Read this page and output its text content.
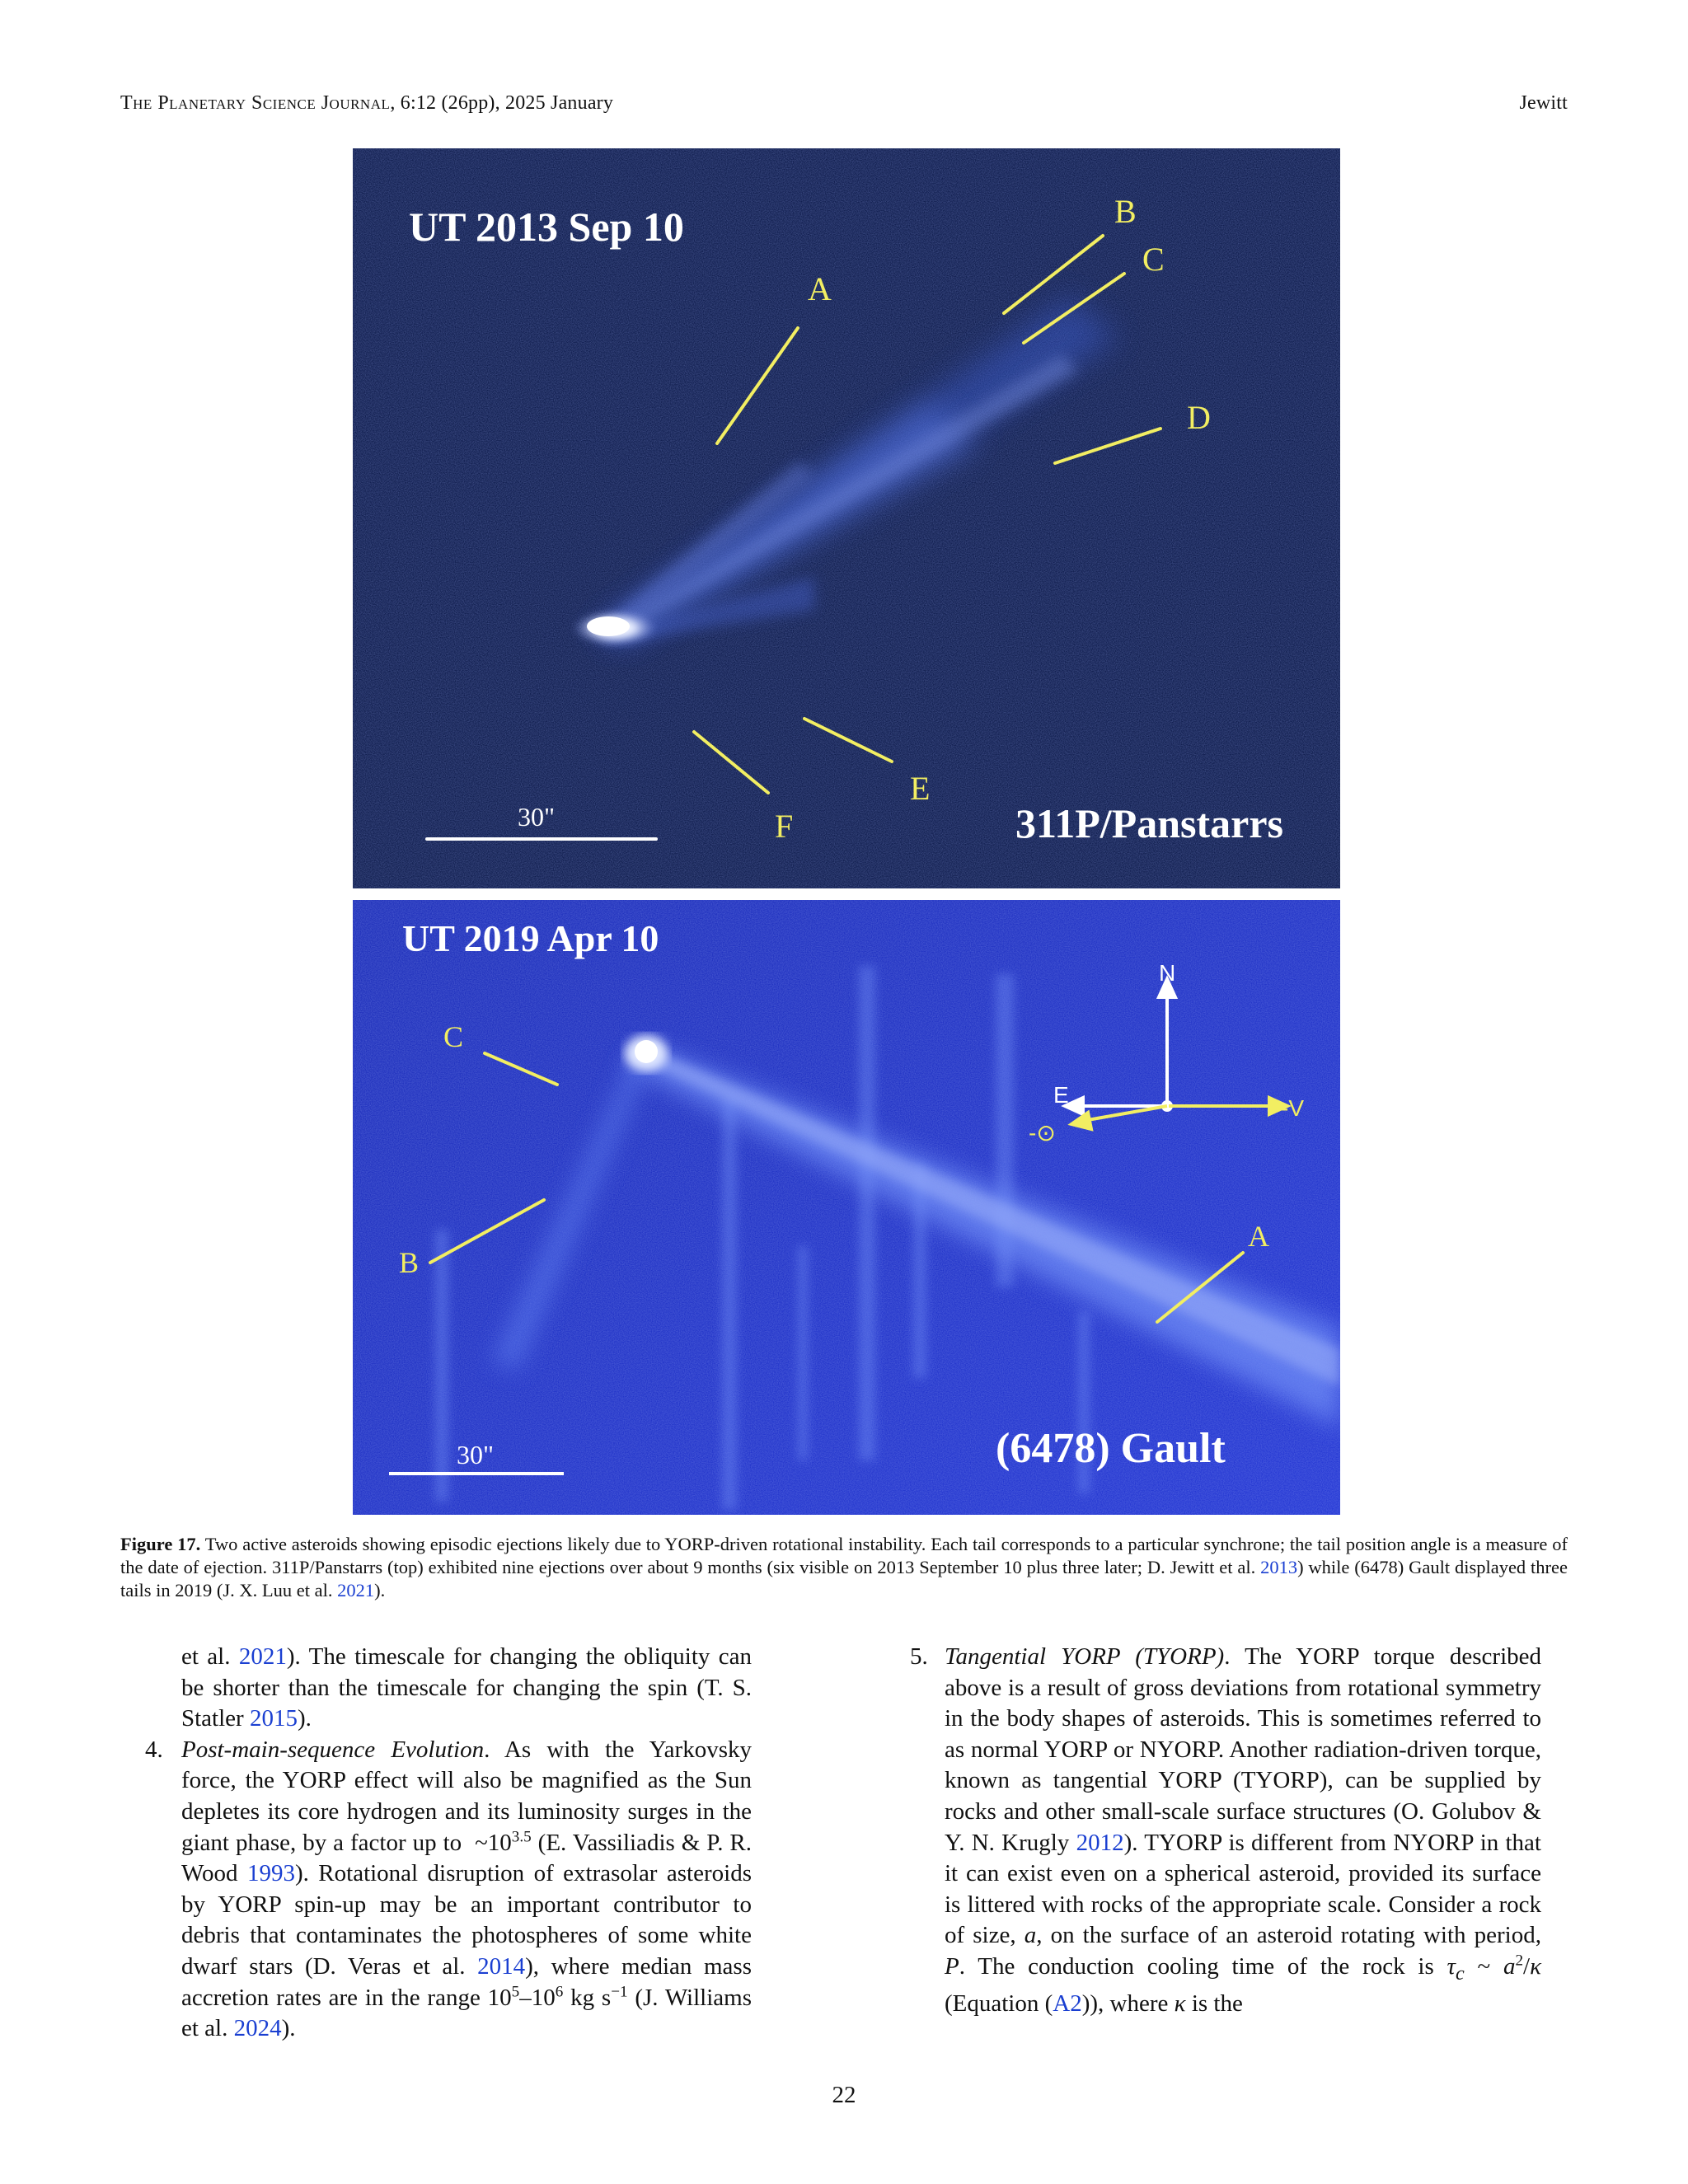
The Planetary Science Journal, 6:12 (26pp), 2025 January	Jewitt
UT 2013 Sep 10
311P/Panstarrs
30"
A
B
C
D
E
F
N
E
-V
-⊙
UT 2019 Apr 10
(6478) Gault
30"
C
B
A
Figure 17. Two active asteroids showing episodic ejections likely due to YORP-driven rotational instability. Each tail corresponds to a particular synchrone; the tail position angle is a measure of the date of ejection. 311P/Panstarrs (top) exhibited nine ejections over about 9 months (six visible on 2013 September 10 plus three later; D. Jewitt et al. 2013) while (6478) Gault displayed three tails in 2019 (J. X. Luu et al. 2021).
et al. 2021). The timescale for changing the obliquity can be shorter than the timescale for changing the spin (T. S. Statler 2015).
4. Post-main-sequence Evolution. As with the Yarkovsky force, the YORP effect will also be magnified as the Sun depletes its core hydrogen and its luminosity surges in the giant phase, by a factor up to  $\sim 10^{3.5}$ (E. Vassiliadis & P. R. Wood 1993). Rotational disruption of extrasolar asteroids by YORP spin-up may be an important contributor to debris that contaminates the photospheres of some white dwarf stars (D. Veras et al. 2014), where median mass accretion rates are in the range $10^5-10^6$ kg $s^{-1}$ (J. Williams et al. 2024).
5. Tangential YORP (TYORP). The YORP torque described above is a result of gross deviations from rotational symmetry in the body shapes of asteroids. This is sometimes referred to as normal YORP or NYORP. Another radiation-driven torque, known as tangential YORP (TYORP), can be supplied by rocks and other small-scale surface structures (O. Golubov & Y. N. Krugly 2012). TYORP is different from NYORP in that it can exist even on a spherical asteroid, provided its surface is littered with rocks of the appropriate scale. Consider a rock of size, a, on the surface of an asteroid rotating with period, P. The conduction cooling time of the rock is $\tau_c$ ~ $a^2/\kappa$ (Equation (A2)), where κ is the
22
